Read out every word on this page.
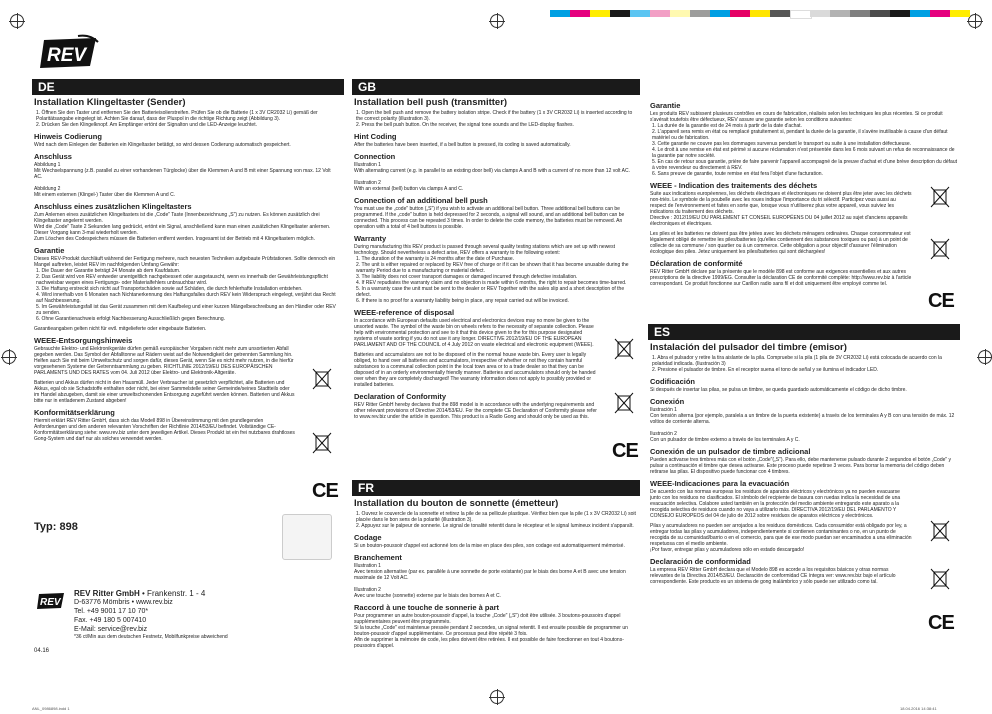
REV
DE
Installation Klingeltaster (Sender)
1. Öffnen Sie den Taster und entfernen Sie den Batterieisolierstreifen. Prüfen Sie ob die Batterie (1 x 3V CR2032 Li) gemäß der Polaritätsangabe eingelegt ist. Achten Sie darauf, dass der Pluspol in die richtige Richtung zeigt (Abbildung 3).
2. Drücken Sie den Klingelknopf. Am Empfänger ertönt der Signalton und die LED-Anzeige leuchtet.
Hinweis Codierung

Wird nach dem Einlegen der Batterien ein Klingeltaster betätigt, so wird dessen Codierung automatisch gespeichert.

Anschluss

Abbildung 1
Mit Wechselspannung (z.B. parallel zu einer vorhandenen Türglocke) über die Klemmen A und B mit einer Spannung von max. 12 Volt AC.

Abbildung 2
Mit einem externen (Klingel-) Taster über die Klemmen A und C.

Anschluss eines zusätzlichen Klingeltasters

Zum Anlernen eines zusätzlichen Klingeltasters ist die „Code" Taste (Innenbezeichnung „S") zu nutzen. Es können zusätzlich drei Klingeltaster angelernt werden.
Wird die „Code" Taste 2 Sekunden lang gedrückt, ertönt ein Signal, anschließend kann man einen zusätzlichen Klingeltaster anlernen. Dieser Vorgang kann 3-mal wiederholt werden.
Zum Löschen des Codespeichers müssen die Batterien entfernt werden. Insgesamt ist der Betrieb mit 4 Klingeltastern möglich.

Garantie

Dieses REV-Produkt durchläuft während der Fertigung mehrere, nach neuesten Techniken aufgebaute Prüfstationen. Sollte dennoch ein Mangel auftreten, leistet REV im nachfolgenden Umfang Gewähr:

1. Die Dauer der Garantie beträgt 24 Monate ab dem Kaufdatum.
2. Das Gerät wird von REV entweder unentgeltlich nachgebessert oder ausgetauscht, wenn es innerhalb der Gewährleistungspflicht nachweisbar wegen eines Fertigungs- oder Materialfehlers unbrauchbar wird.
3. Die Haftung erstreckt sich nicht auf Transportschäden sowie auf Schäden, die durch fehlerhafte Installation entstehen.
4. Wird innerhalb von 6 Monaten nach Nichtanerkennung des Haftungsfalles durch REV kein Widerspruch eingelegt, verjährt das Recht auf Nachbesserung.
5. Im Gewährleistungsfall ist das Gerät zusammen mit dem Kaufbeleg und einer kurzen Mängelbeschreibung an den Händler oder REV zu senden.
6. Ohne Garantienachweis erfolgt Nachbesserung Ausschließlich gegen Berechnung.

Garantieangaben gelten nicht für evtl. mitgelieferte oder eingebaute Batterien.

WEEE-Entsorgungshinweis

Gebrauchte Elektro- und Elektronikgeräte dürfen gemäß europäischer Vorgaben nicht mehr zum unsortierten Abfall gegeben werden. Das Symbol der Abfalltonne auf Rädern weist auf die Notwendigkeit der getrennten Sammlung hin. Helfen auch Sie mit beim Umweltschutz und sorgen dafür, dieses Gerät, wenn Sie es nicht mehr nutzen, in die hierfür vorgesehenen Systeme der Getrenntsammlung zu geben. RICHTLINIE 2012/19/EU DES EUROPÄISCHEN PARLAMENTS UND DES RATES vom 04. Juli 2012 über Elektro- und Elektronik-Altgeräte.

Batterien und Akkus dürfen nicht in den Hausmüll. Jeder Verbraucher ist gesetzlich verpflichtet, alle Batterien und Akkus, egal ob sie Schadstoffe enthalten oder nicht, bei einer Sammelstelle seiner Gemeinde/seines Stadtteils oder im Handel abzugeben, damit sie einer umweltschonenden Entsorgung zugeführt werden können. Batterien und Akkus bitte nur in entladenem Zustand abgeben!

Konformitätserklärung

Hiermit erklärt REV Ritter GmbH, dass sich das Modell 898 in Übereinstimmung mit den grundlegenden Anforderungen und den anderen relevanten Vorschriften der Richtlinie 2014/53/EU befindet. Vollständige CE-Konformitätserklärung siehe: www.rev.biz unter dem jeweiligen Artikel. Dieses Produkt ist ein frei nutzbares drahtloses Gong-System und darf nur als solches verwendet werden.

CE
Typ: 898
REV
REV Ritter GmbH • Frankenstr. 1 - 4
D-63776 Mömbris • www.rev.biz
Tel. +49 9001 17 10 70*
Fax. +49 180 5 007410
E-Mail: service@rev.biz
*36 ct/Min aus dem deutschen Festnetz, Mobilfunkpreise abweichend
04.16
ANL_0986898.indd 1	18.04.2016 14:38:41
GB
Installation bell push (transmitter)
1. Open the bell push and remove the battery isolation stripe. Check if the battery (1 x 3V CR2032 Li) is inserted according to the correct polarity (illustration 3).
2. Press the bell push button. On the receiver, the signal tone sounds and the LED-display flashes.
Hint Coding

After the batteries have been inserted, if a bell button is pressed, its coding is saved automatically.

Connection

Illustration 1
With alternating current (e.g. in parallel to an existing door bell) via clamps A and B with a current of no more than 12 volt AC.

Illustration 2
With an external (bell) button via clamps A and C.

Connection of an additional bell push

You must use the „code" button („S") if you wish to activate an additional bell button. Three additional bell buttons can be programmed. If the „code" button is held depressed for 2 seconds, a signal will sound, and an additional bell button can be connected. This process can be repeated 3 times. In order to delete the code memory, the batteries must be removed. An operation with a total of 4 bell buttons is possible.

Warranty

During manufacturing this REV product is passed through several quality testing stations which are set up with newest technology. Should nevertheless a defect arise, REV offers a warranty to the following extent:

1. The duration of the warranty is 24 months after the date of Purchase.
2. The unit is either repaired or replaced by REV free of charge or if it can be shown that it has become unusable during the warranty Period due to a manufacturing or material defect.
3. The liability does not cover transport damages or damaged incurred through defective installation.
4. If REV repudiates the warranty claim and no objection is made within 6 months, the right to repair becomes time-barred.
5. In a warranty case the unit must be sent to the dealer or REV Together with the sales slip and a short description of the defect.
6. If there is no proof for a warranty liability being in place, any repair carried out will be invoiced.
WEEE-reference of disposal

In accordance with European defaults used electrical and electronics devices may no more be given to the unsorted waste. The symbol of the waste bin on wheels refers to the necessity of separate collection. Please help with environmental protection and see to it that this device given to the for this purpose designated systems of waste sorting if you do not use it any longer. DIRECTIVE 2012/19/EU OF THE EUROPEAN PARLIAMENT AND OF THE COUNCIL of 4 July 2012 on waste electrical and electronic equipment (WEEE).

Batteries and accumulators are not to be disposed of in the normal house waste bin. Every user is legally obliged, to hand over all batteries and accumulators, irrespective of whether or not they contain harmful substances to a communal collection point in the local town area or to a trade dealer so that they can be disposed of in an orderly environmentally friendly manner. Batteries and accumulators should only be handed over when they are completely discharged! The warranty information does not apply to possibly provided or installed batteries.

Declaration of Conformity

REV Ritter GmbH hereby declares that the 898 model is in accordance with the underlying requirements and other relevant provisions of Directive 2014/53/EU. For the complete CE Declaration of Conformity please refer to www.rev.biz under the article in question. This product is a Radio Gong and should only be used as this.

CE
FR
Installation du bouton de sonnette (émetteur)
1. Ouvrez le couvercle de la sonnette et retirez la pile de sa pellicule plastique. Vérifiez bien que la pile (1 x 3V CR2032 Li) soit placée dans le bon sens de la polarité (illustration 3).
2. Appuyez sur le palpeur de sonnerie. Le signal de tonalité retentit dans le récepteur et le signal lumineux incident s'apparaît.
Codage

Si un bouton-poussoir d'appel est actionné lors de la mise en place des piles, son codage est automatiquement mémorisé.

Branchement

Illustration 1
Avec tension alternative (par ex. parallèle à une sonnette de porte existante) par le biais des borne A et B avec une tension maximale de 12 Volt AC.

Illustration 2
Avec une touche (sonnette) externe par le biais des bornes A et C.

Raccord à une touche de sonnerie à part

Pour programmer un autre bouton-poussoir d'appel, la touche „Code" („S") doit être utilisée. 3 boutons-poussoirs d'appel supplémentaires peuvent être programmés.
Si la touche „Code" est maintenue pressée pendant 2 secondes, un signal retentit. Il est ensuite possible de programmer un bouton-poussoir d'appel supplémentaire. Ce processus peut être répété 3 fois.
Afin de supprimer la mémoire de code, les piles doivent être retirées. Il est possible de faire fonctionner en tout 4 boutons-poussoirs d'appel.

Garantie

Les produits REV subissent plusieurs contrôles en cours de fabrication, réalisés selon les techniques les plus récentes. Si ce produit s'avérait toutefois être défectueux, REV assure une garantie selon les conditions suivantes:

1. La durée de la garantie est de 24 mois à partir de la date d'achat.
2. L'appareil sera remis en état ou remplacé gratuitement si, pendant la durée de la garantie, il s'avère inutilisable à cause d'un défaut matériel ou de fabrication.
3. Cette garantie ne couvre pas les dommages survenus pendant le transport ou suite à une installation défectueuse.
4. Le droit à une remise en état est périmé si aucune réclamation n'est présentée dans les 6 mois suivant un refus de reconnaissance de la garantie par notre société.
5. En cas de retour sous garantie, prière de faire parvenir l'appareil accompagné de la preuve d'achat et d'une brève description du défaut à votre revendeur ou directement à REV.
6. Sans preuve de garantie, toute remise en état fera l'objet d'une facturation.
WEEE - Indication des traitements des déchets

Suite aux indications européennes, les déchets électriques et électroniques ne doivent plus être jeter avec les déchets non-triés. Le symbole de la poubelle avec les roues indique l'importance du tri sélectif. Participez vous aussi au respect de l'environnement et faites en sorte que, lorsque vous n'utiliserez plus votre appareil, vous suiviez les indications du traitement des déchets.
Directive : 2012/19/EU DU PARLEMENT ET CONSEIL EUROPÉENS DU 04 juillet 2012 au sujet d'anciens appareils électroniques et électriques.

Les piles et les batteries ne doivent pas être jetées avec les déchets ménagers ordinaires. Chaque consommateur est légalement obligé de remettre les piles/batteries (qu'elles contiennent des substances toxiques ou pas) à un point de collecte de sa commune / son quartier ou à un commerce. Cette obligation a pour objectif d'assurer l'élimination écologique des piles. Jetez uniquement les piles/batteries qui sont déchargées!

Déclaration de conformité

REV Ritter GmbH déclare par la présente que le modèle 898 est conforme aux exigences essentielles et aux autres prescriptions de la directive 1999/EG. Consulter la déclaration CE de conformité complète: http://www.rev.biz à l'article correspondant. Ce produit fonctionne sur Carillon radio sans fil et doit uniquement être employé comme tel.

CE
ES
Instalación del pulsador del timbre (emisor)
1. Abra el pulsador y retire la tira aislante de la pila. Compruebe si la pila (1 pila de 3V CR2032 Li) está colocada de acuerdo con la polaridad indicada. (Ilustración 3)
2. Presione el pulsador de timbre. En el receptor suena el tono de señal y se ilumina el indicador LED.
Codificación

Si después de insertar las pilas, se pulsa un timbre, se queda guardado automáticamente el código de dicho timbre.

Conexión

Ilustración 1
Con tensión alterna (por ejemplo, paralela a un timbre de la puerta existente) a través de los terminales A y B con una tensión de máx. 12 voltios de corriente alterna.

Ilustración 2
Con un pulsador de timbre externo a través de los terminales A y C.

Conexión de un pulsador de timbre adicional

Pueden activarse tres timbres más con el botón „Code"(„S"). Para ello, debe mantenerse pulsado durante 2 segundos el botón „Code" y pulsar a continuación el timbre que desea activarse. Este proceso puede repetirse 3 veces. Para borrar la memoria del código deben retirarse las pilas. El dispositivo puede funcionar con 4 timbres.

WEEE-Indicaciones para la evacuación

De acuerdo con las normas europeas los residuos de aparatos eléctricos y electrónicos ya no pueden evacuarse junto con los residuos no clasificados. El símbolo del recipiente de basura con ruedas indica la necesidad de una evacuación selectiva. Colabore usted también en la protección del medio ambiente entregando este aparato a la recogida selectiva de residuos cuando no vaya a utilizarlo más. DIRECTIVA 2012/19/EU DEL PARLAMENTO Y CONSEJO EUROPEOS del 04 de julio de 2012 sobre residuos de aparatos eléctricos y electrónicos.

Pilas y acumuladores no pueden ser arrojados a los residuos domésticos. Cada consumidor está obligado por ley, a entregar todas las pilas y acumuladores, independientemente si contienen contaminantes o no, en un punto de recogida de su comunidad/barrio o en el comercio, para que de ese modo puedan ser encaminados a una eliminación respetuosa con el medio ambiente.
¡Por favor, entregar pilas y acumuladores sólo en estado descargado!

Declaración de conformidad

La empresa REV Ritter GmbH declara que el Modelo 898 es acorde a los requisitos básicos y otras normas relevantes de la Directiva 2014/53/EU. Declaración de conformidad CE íntegra ver: www.rev.biz bajo el artículo correspondiente. Este producto es un sistema de gong inalámbrico y sólo puede ser utilizado como tal.

CE
